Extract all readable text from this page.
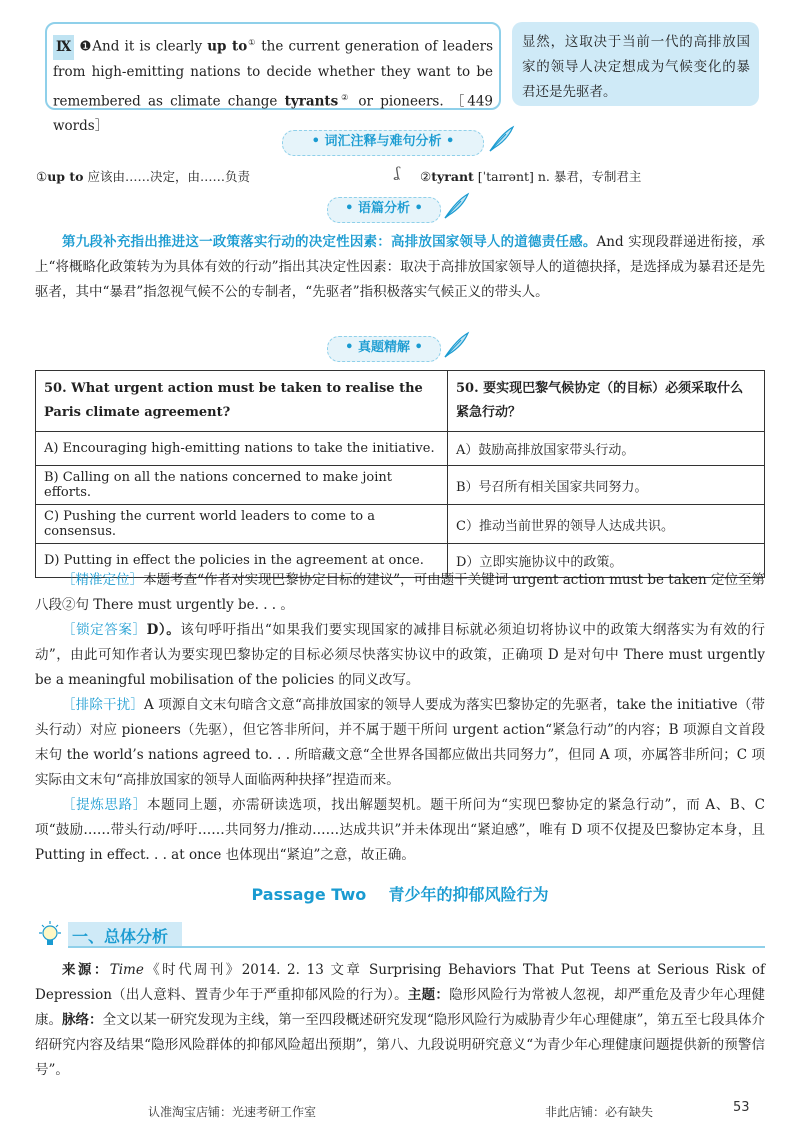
Ⅸ ❶And it is clearly up to① the current generation of leaders from high-emitting nations to decide whether they want to be remembered as climate change tyrants② or pioneers. ［449 words］
显然，这取决于当前一代的高排放国家的领导人决定想成为气候变化的暴君还是先驱者。
• 词汇注释与难句分析 •
①up to 应该由……决定，由……负责	ʆ ②tyrant [ˈtaɪrənt] n. 暴君，专制君主
• 语篇分析 •
第九段补充指出推进这一政策落实行动的决定性因素：高排放国家领导人的道德责任感。And 实现段群递进衔接，承上“将概略化政策转为为具体有效的行动”指出其决定性因素：取决于高排放国家领导人的道德抉择，是选择成为暴君还是先驱者，其中“暴君”指忽视气候不公的专制者，“先驱者”指积极落实气候正义的带头人。
• 真题精解 •
50. What urgent action must be taken to realise the Paris climate agreement?	50. 要实现巴黎气候协定（的目标）必须采取什么紧急行动？
A) Encouraging high-emitting nations to take the initiative.	A）鼓励高排放国家带头行动。
B) Calling on all the nations concerned to make joint efforts.	B）号召所有相关国家共同努力。
C) Pushing the current world leaders to come to a consensus.	C）推动当前世界的领导人达成共识。
D) Putting in effect the policies in the agreement at once.	D）立即实施协议中的政策。
［精准定位］本题考查“作者对实现巴黎协定目标的建议”，可由题干关键词 urgent action must be taken 定位至第八段②句 There must urgently be. . . 。
［锁定答案］D）。该句呼吁指出“如果我们要实现国家的减排目标就必须迫切将协议中的政策大纲落实为有效的行动”，由此可知作者认为要实现巴黎协定的目标必须尽快落实协议中的政策，正确项 D 是对句中 There must urgently be a meaningful mobilisation of the policies 的同义改写。
［排除干扰］A 项源自文末句暗含文意“高排放国家的领导人要成为落实巴黎协定的先驱者，take the initiative（带头行动）对应 pioneers（先驱），但它答非所问，并不属于题干所问 urgent action“紧急行动”的内容；B 项源自文首段末句 the world’s nations agreed to. . . 所暗藏文意“全世界各国都应做出共同努力”，但同 A 项，亦属答非所问；C 项实际由文末句“高排放国家的领导人面临两种抉择”捏造而来。
［提炼思路］本题同上题，亦需研读选项，找出解题契机。题干所问为“实现巴黎协定的紧急行动”，而 A、B、C 项“鼓励……带头行动/呼吁……共同努力/推动……达成共识”并未体现出“紧迫感”，唯有 D 项不仅提及巴黎协定本身，且 Putting in effect. . . at once 也体现出“紧迫”之意，故正确。
Passage Two 青少年的抑郁风险行为
一、总体分析
来源：Time《时代周刊》2014. 2. 13 文章 Surprising Behaviors That Put Teens at Serious Risk of Depression（出人意料、置青少年于严重抑郁风险的行为）。主题：隐形风险行为常被人忽视，却严重危及青少年心理健康。脉络：全文以某一研究发现为主线，第一至四段概述研究发现“隐形风险行为威胁青少年心理健康”，第五至七段具体介绍研究内容及结果“隐形风险群体的抑郁风险超出预期”，第八、九段说明研究意义“为青少年心理健康问题提供新的预警信号”。
认准淘宝店铺：光速考研工作室	非此店铺：必有缺失	53
